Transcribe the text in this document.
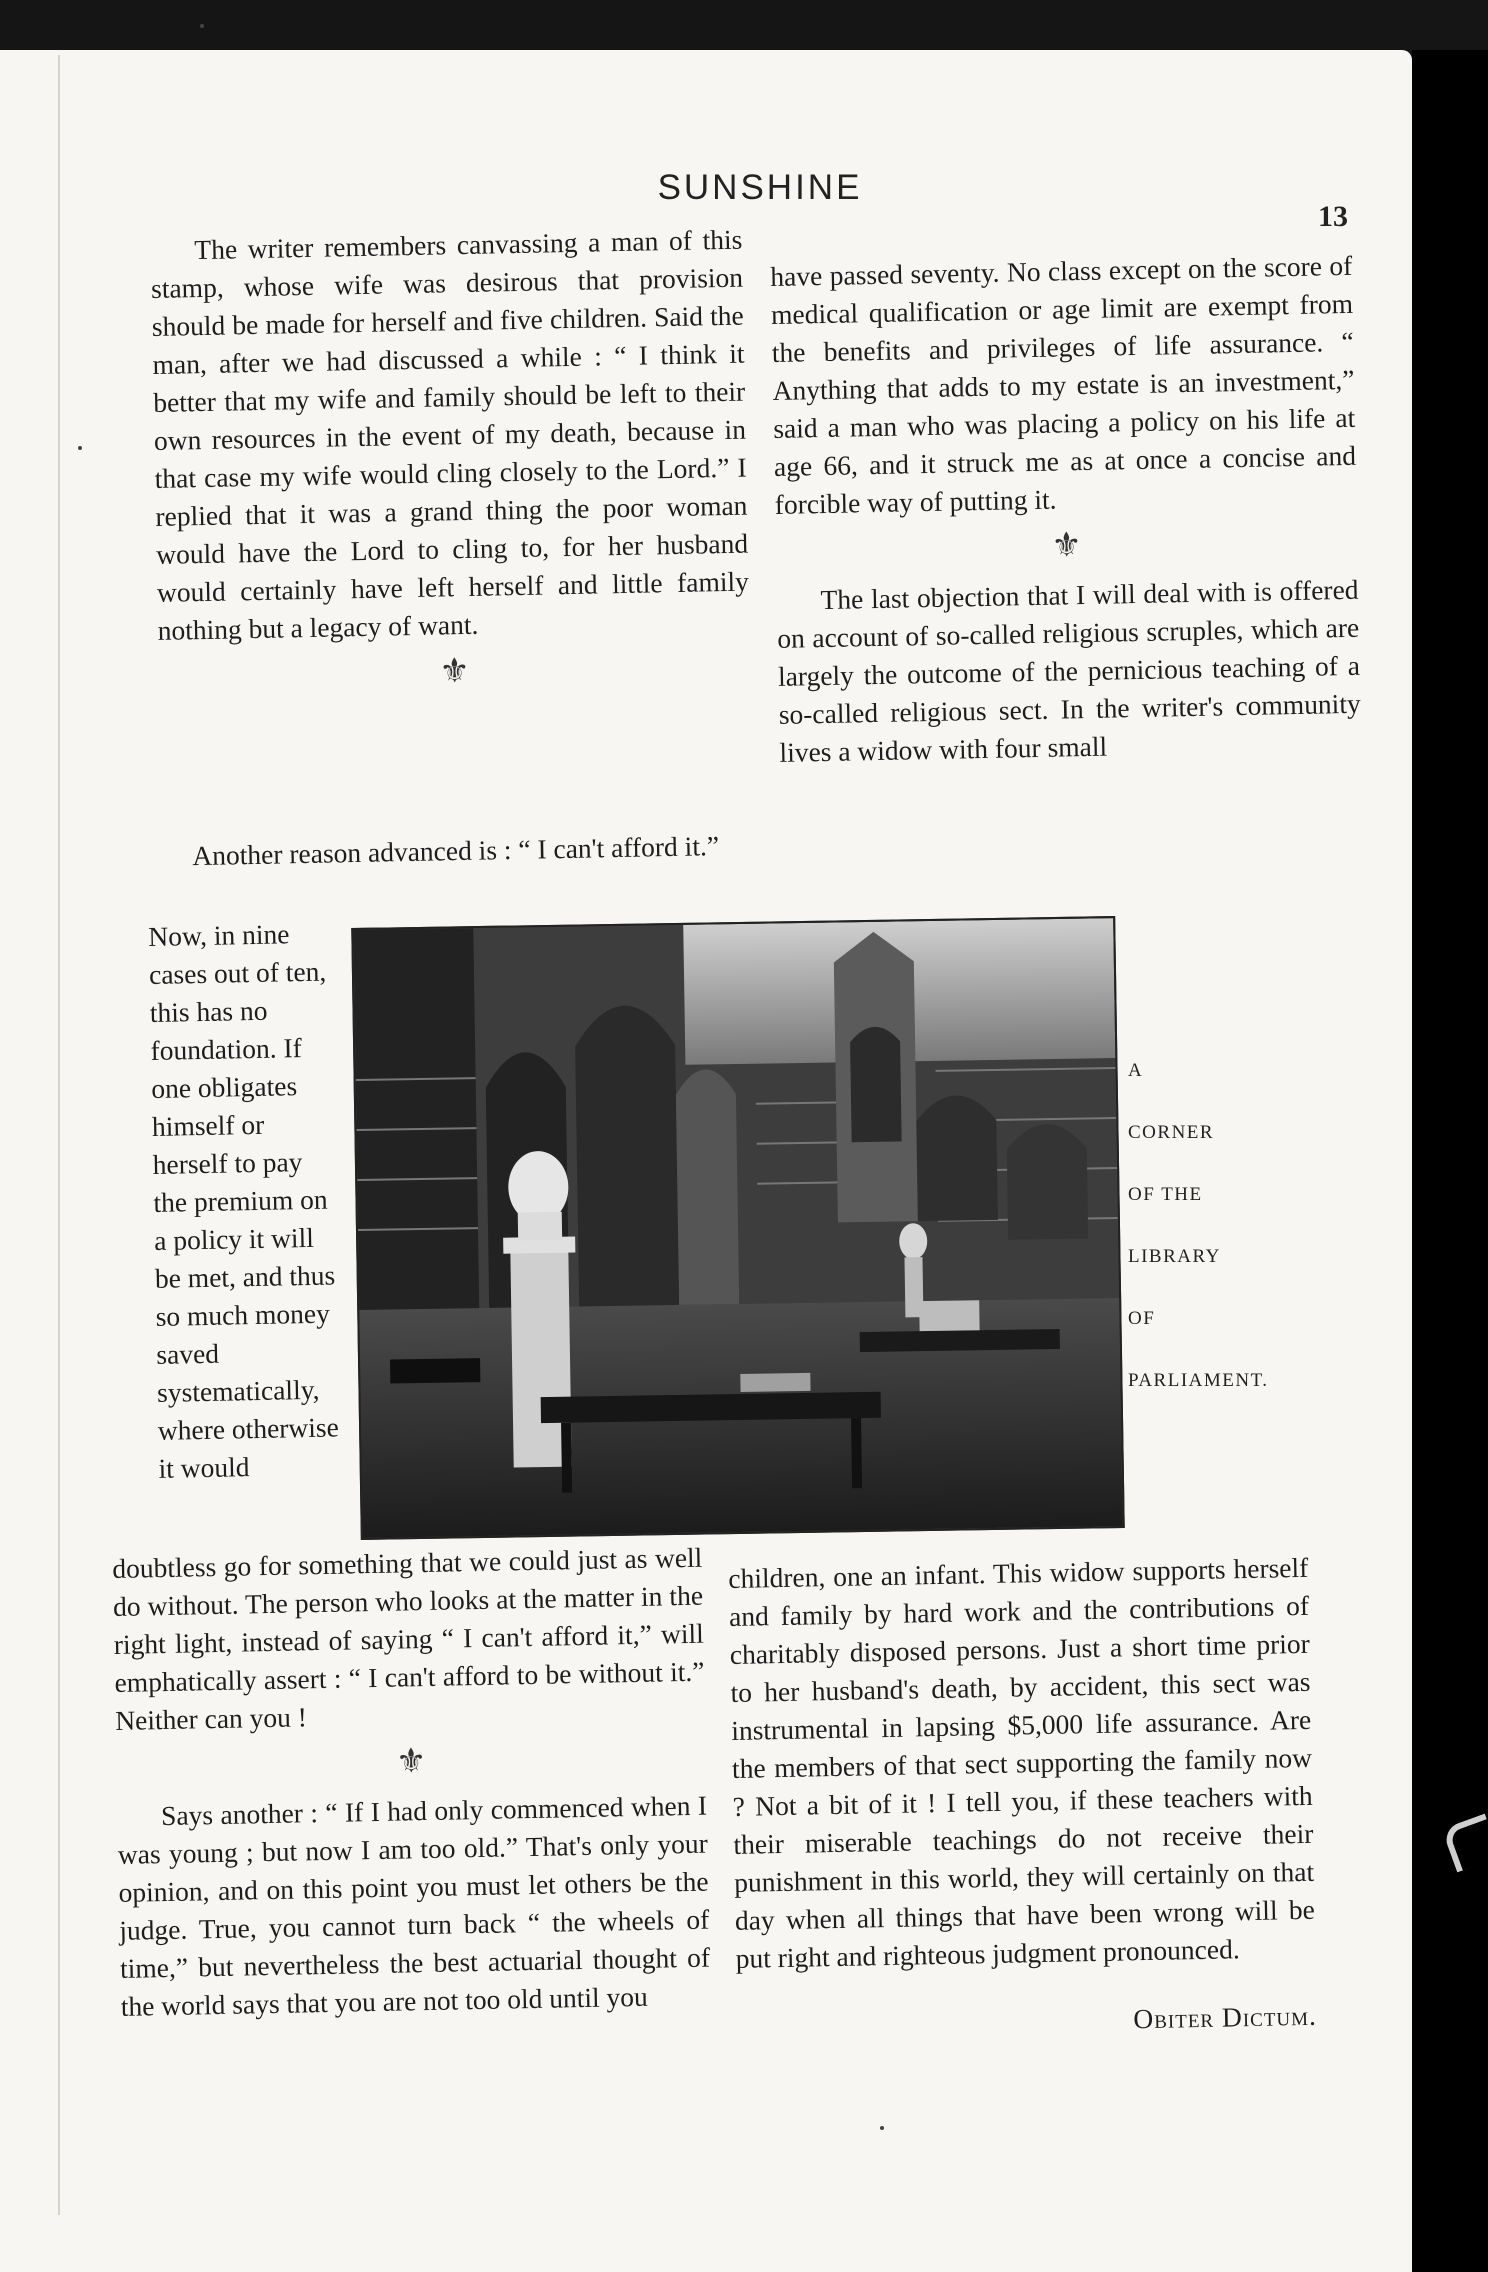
SUNSHINE
13

The writer remembers canvassing a man of this stamp, whose wife was desirous that provision should be made for herself and five children. Said the man, after we had discussed a while : “ I think it better that my wife and family should be left to their own resources in the event of my death, because in that case my wife would cling closely to the Lord.” I replied that it was a grand thing the poor woman would have the Lord to cling to, for her husband would certainly have left herself and little family nothing but a legacy of want.

⚜

have passed seventy. No class except on the score of medical qualification or age limit are exempt from the benefits and privileges of life assurance. “ Anything that adds to my estate is an investment,” said a man who was placing a policy on his life at age 66, and it struck me as at once a concise and forcible way of putting it.

⚜

The last objection that I will deal with is offered on account of so-called religious scruples, which are largely the outcome of the pernicious teaching of a so-called religious sect. In the writer's community lives a widow with four small

Another reason advanced is : “ I can't afford it.”

Now, in nine cases out of ten, this has no foundation. If one obligates himself or herself to pay the premium on a policy it will be met, and thus so much money saved systematically, where otherwise it would

A
CORNER
OF THE
LIBRARY
OF
PARLIAMENT.

doubtless go for something that we could just as well do without. The person who looks at the matter in the right light, instead of saying “ I can't afford it,” will emphatically assert : “ I can't afford to be without it.” Neither can you !

⚜

Says another : “ If I had only commenced when I was young ; but now I am too old.” That's only your opinion, and on this point you must let others be the judge. True, you cannot turn back “ the wheels of time,” but nevertheless the best actuarial thought of the world says that you are not too old until you

children, one an infant. This widow supports herself and family by hard work and the contributions of charitably disposed persons. Just a short time prior to her husband's death, by accident, this sect was instrumental in lapsing $5,000 life assurance. Are the members of that sect supporting the family now ? Not a bit of it ! I tell you, if these teachers with their miserable teachings do not receive their punishment in this world, they will certainly on that day when all things that have been wrong will be put right and righteous judgment pronounced.

Obiter Dictum.
